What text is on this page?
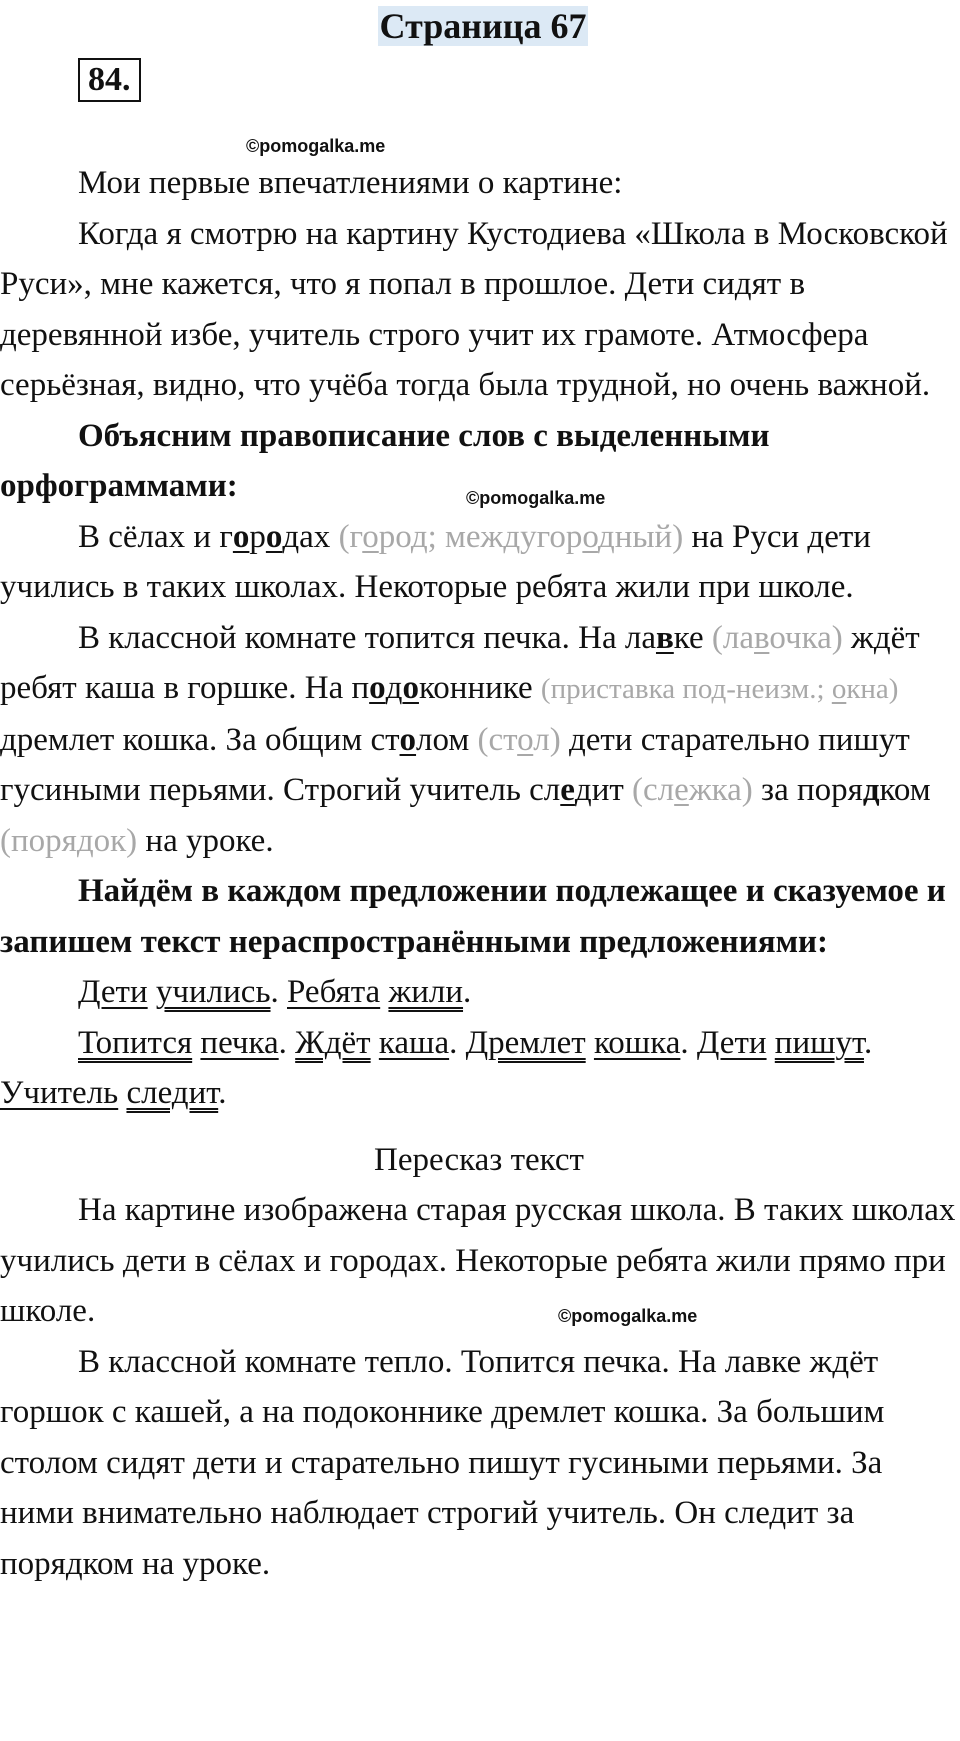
Страница 67
84.
©pomogalka.me
©pomogalka.me
©pomogalka.me

Мои первые впечатлениями о картине:

Когда я смотрю на картину Кустодиева «Школа в Московской Руси», мне кажется, что я попал в прошлое. Дети сидят в деревянной избе, учитель строго учит их грамоте. Атмосфера серьёзная, видно, что учёба тогда была трудной, но очень важной.

Объясним правописание слов с выделенными орфограммами:

В сёлах и городах (город; междугородный) на Руси дети учились в таких школах. Некоторые ребята жили при школе.

В классной комнате топится печка. На лавке (лавочка) ждёт ребят каша в горшке. На подоконнике (приставка под-неизм.; окна) дремлет кошка. За общим столом (стол) дети старательно пишут гусиными перьями. Строгий учитель следит (слежка) за порядком (порядок) на уроке.

Найдём в каждом предложении подлежащее и сказуемое и запишем текст нераспространёнными предложениями:

Дети учились. Ребята жили.

Топится печка. Ждёт каша. Дремлет кошка. Дети пишут. Учитель следит.

Пересказ текст

На картине изображена старая русская школа. В таких школах учились дети в сёлах и городах. Некоторые ребята жили прямо при школе.

В классной комнате тепло. Топится печка. На лавке ждёт горшок с кашей, а на подоконнике дремлет кошка. За большим столом сидят дети и старательно пишут гусиными перьями. За ними внимательно наблюдает строгий учитель. Он следит за порядком на уроке.
